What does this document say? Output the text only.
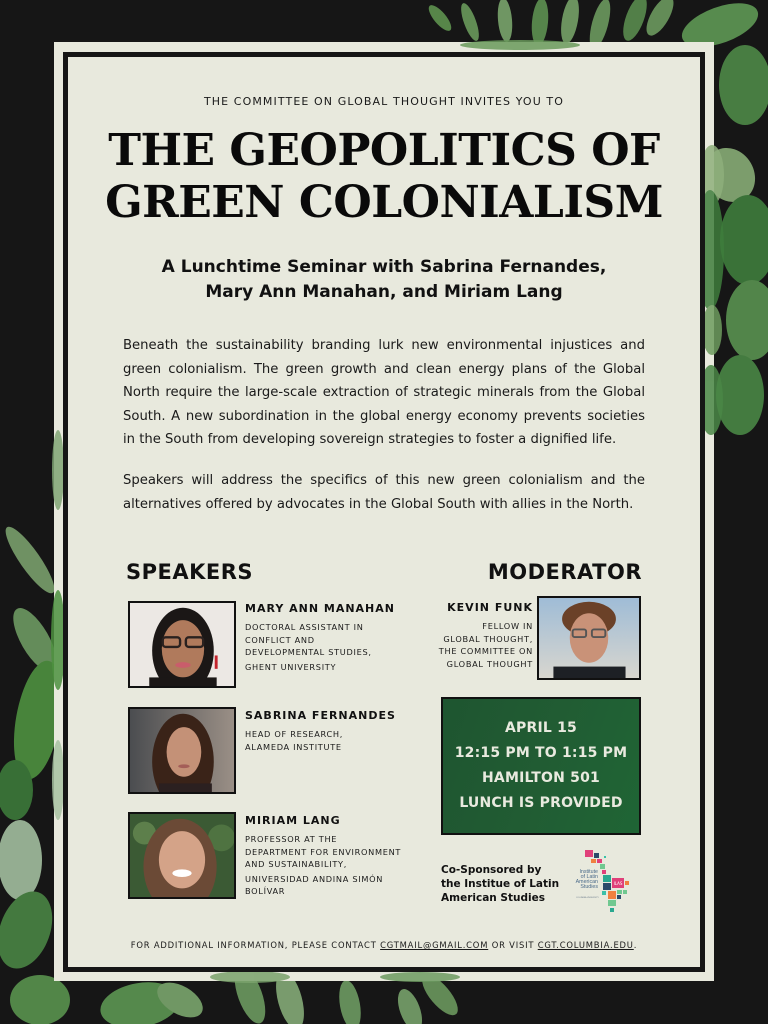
THE COMMITTEE ON GLOBAL THOUGHT INVITES YOU TO
THE GEOPOLITICS OF
GREEN COLONIALISM
A Lunchtime Seminar with Sabrina Fernandes,
Mary Ann Manahan, and Miriam Lang

Beneath the sustainability branding lurk new environmental injustices and green colonialism. The green growth and clean energy plans of the Global North require the large-scale extraction of strategic minerals from the Global South. A new subordination in the global energy economy prevents societies in the South from developing sovereign strategies to foster a dignified life.

Speakers will address the specifics of this new green colonialism and the alternatives offered by advocates in the Global South with allies in the North.

SPEAKERS	MODERATOR
MARY ANN MANAHAN
DOCTORAL ASSISTANT IN
CONFLICT AND
DEVELOPMENTAL STUDIES,
GHENT UNIVERSITY
SABRINA FERNANDES
HEAD OF RESEARCH,
ALAMEDA INSTITUTE
MIRIAM LANG
PROFESSOR AT THE
DEPARTMENT FOR ENVIRONMENT
AND SUSTAINABILITY,
UNIVERSIDAD ANDINA SIMÓN
BOLÍVAR
KEVIN FUNK
FELLOW IN
GLOBAL THOUGHT,
THE COMMITTEE ON
GLOBAL THOUGHT
APRIL 15
12:15 PM TO 1:15 PM
HAMILTON 501
LUNCH IS PROVIDED
Co-Sponsored by
the Institue of Latin
American Studies
ILAS
Institute
of Latin
American
Studies
COLUMBIA UNIVERSITY
FOR ADDITIONAL INFORMATION, PLEASE CONTACT CGTMAIL@GMAIL.COM OR VISIT CGT.COLUMBIA.EDU.
